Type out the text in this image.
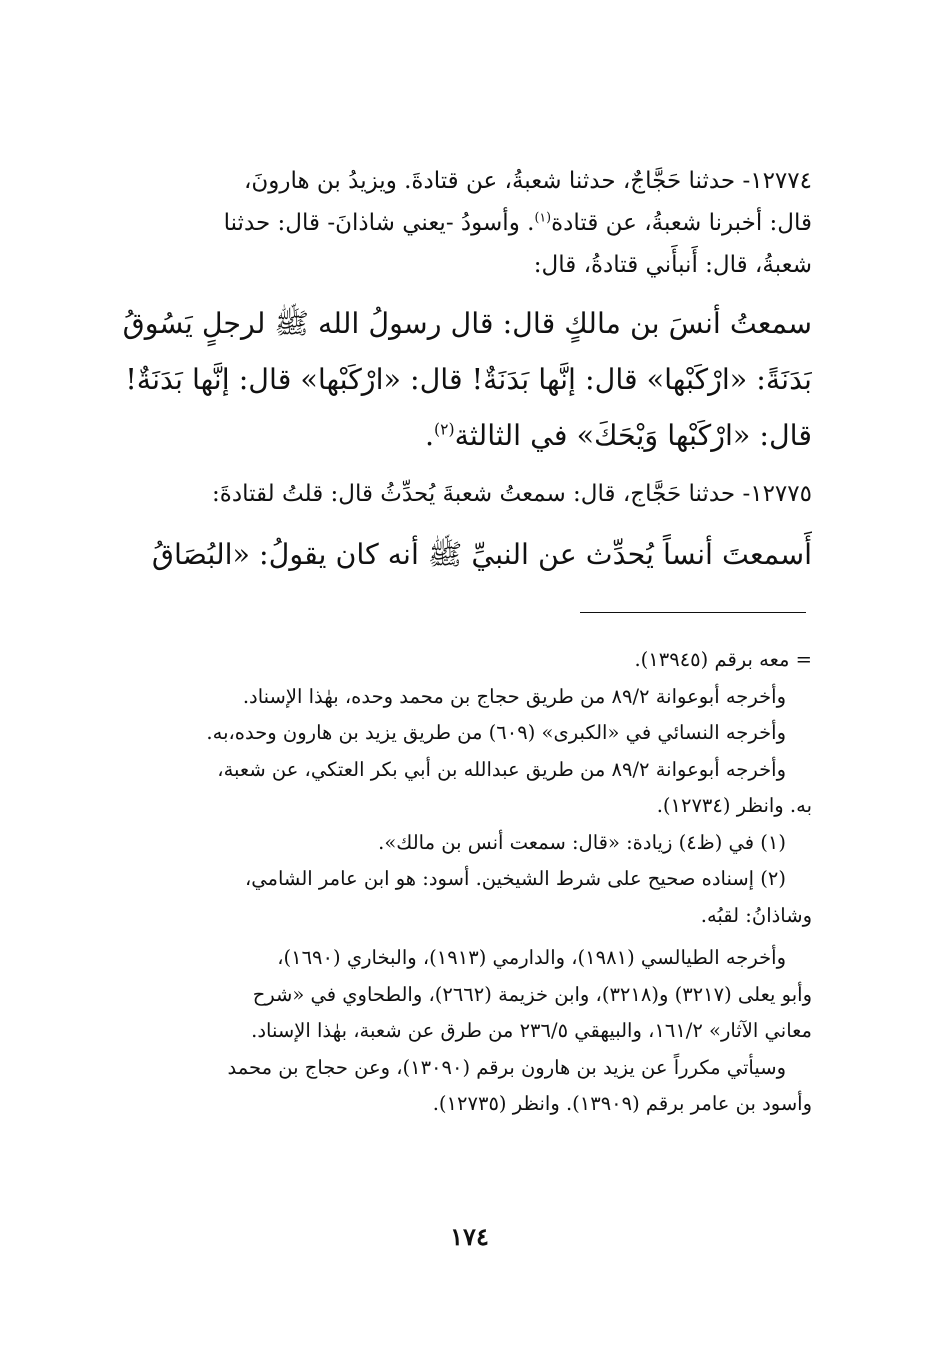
١٢٧٧٤- حدثنا حَجَّاجٌ، حدثنا شعبةُ، عن قتادةَ. ويزيدُ بن هارونَ،
قال: أخبرنا شعبةُ، عن قتادة$^{(١)}$. وأسودُ -يعني شاذانَ- قال: حدثنا
شعبةُ، قال: أَنبأَني قتادةُ، قال:
سمعتُ أنسَ بن مالكٍ قال: قال رسولُ الله ﷺ لرجلٍ يَسُوقُ
بَدَنَةً: «ارْكَبْها» قال: إنَّها بَدَنَةٌ! قال: «ارْكَبْها» قال: إنَّها بَدَنَةٌ!
قال: «ارْكَبْها وَيْحَكَ» في الثالثة$^{(٢)}$.
١٢٧٧٥- حدثنا حَجَّاج، قال: سمعتُ شعبةَ يُحدِّثُ قال: قلتُ لقتادةَ:
أَسمعتَ أنساً يُحدِّث عن النبيِّ ﷺ أنه كان يقولُ: «البُصَاقُ
= معه برقم (١٣٩٤٥).
وأخرجه أبوعوانة ٨٩/٢ من طريق حجاج بن محمد وحده، بهٰذا الإسناد.
وأخرجه النسائي في «الكبرى» (٦٠٩) من طريق يزيد بن هارون وحده،به.
وأخرجه أبوعوانة ٨٩/٢ من طريق عبدالله بن أبي بكر العتكي، عن شعبة،
به. وانظر (١٢٧٣٤).
(١) في (ظ٤) زيادة: «قال: سمعت أنس بن مالك».
(٢) إسناده صحيح على شرط الشيخين. أسود: هو ابن عامر الشامي،
وشاذانُ: لقبُه.
وأخرجه الطيالسي (١٩٨١)، والدارمي (١٩١٣)، والبخاري (١٦٩٠)،
وأبو يعلى (٣٢١٧) و(٣٢١٨)، وابن خزيمة (٢٦٦٢)، والطحاوي في «شرح
معاني الآثار» ١٦١/٢، والبيهقي ٢٣٦/٥ من طرق عن شعبة، بهٰذا الإسناد.
وسيأتي مكرراً عن يزيد بن هارون برقم (١٣٠٩٠)، وعن حجاج بن محمد
وأسود بن عامر برقم (١٣٩٠٩). وانظر (١٢٧٣٥).
١٧٤
